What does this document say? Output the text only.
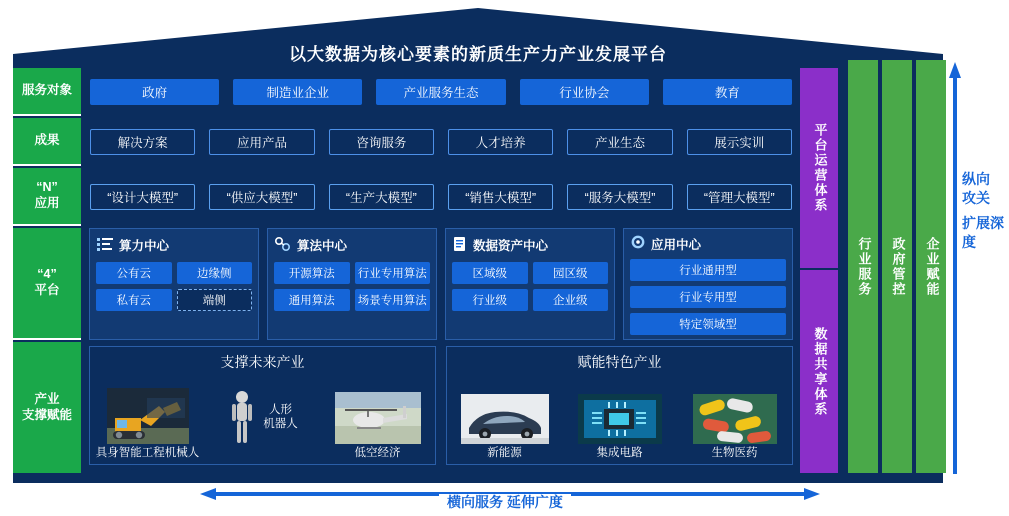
以大数据为核心要素的新质生产力产业发展平台
服务对象	政府	制造业企业	产业服务生态	行业协会	教育
成果	解决方案	应用产品	咨询服务	人才培养	产业生态	展示实训
“N”
应用	“设计大模型”	“供应大模型”	“生产大模型”	“销售大模型”	“服务大模型”	“管理大模型”
“4”
平台
算力中心
公有云	边缘侧
私有云	端侧
算法中心
开源算法	行业专用算法
通用算法	场景专用算法
数据资产中心
区域级	园区级
行业级	企业级
应用中心
行业通用型
行业专用型
特定领域型
产业
支撑赋能
支撑未来产业
具身智能工程机械人
人形
机器人
低空经济
赋能特色产业
新能源	集成电路	生物医药
平台运营体系
数据共享体系
行业服务	政府管控	企业赋能
纵向
攻关
扩展深度
横向服务 延伸广度
